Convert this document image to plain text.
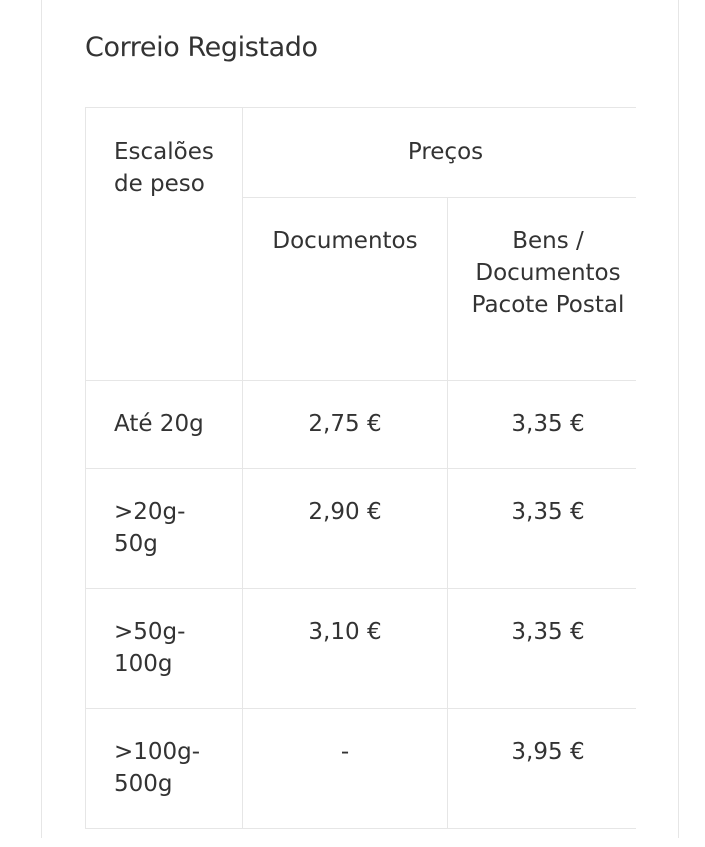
Correio Registado
Escalões de peso	Preços	
	Documentos	Bens / Documentos Pacote Postal
Até 20g	2,75 €	3,35 €
>20g-50g	2,90 €	3,35 €
>50g-100g	3,10 €	3,35 €
>100g-500g	-	3,95 €
